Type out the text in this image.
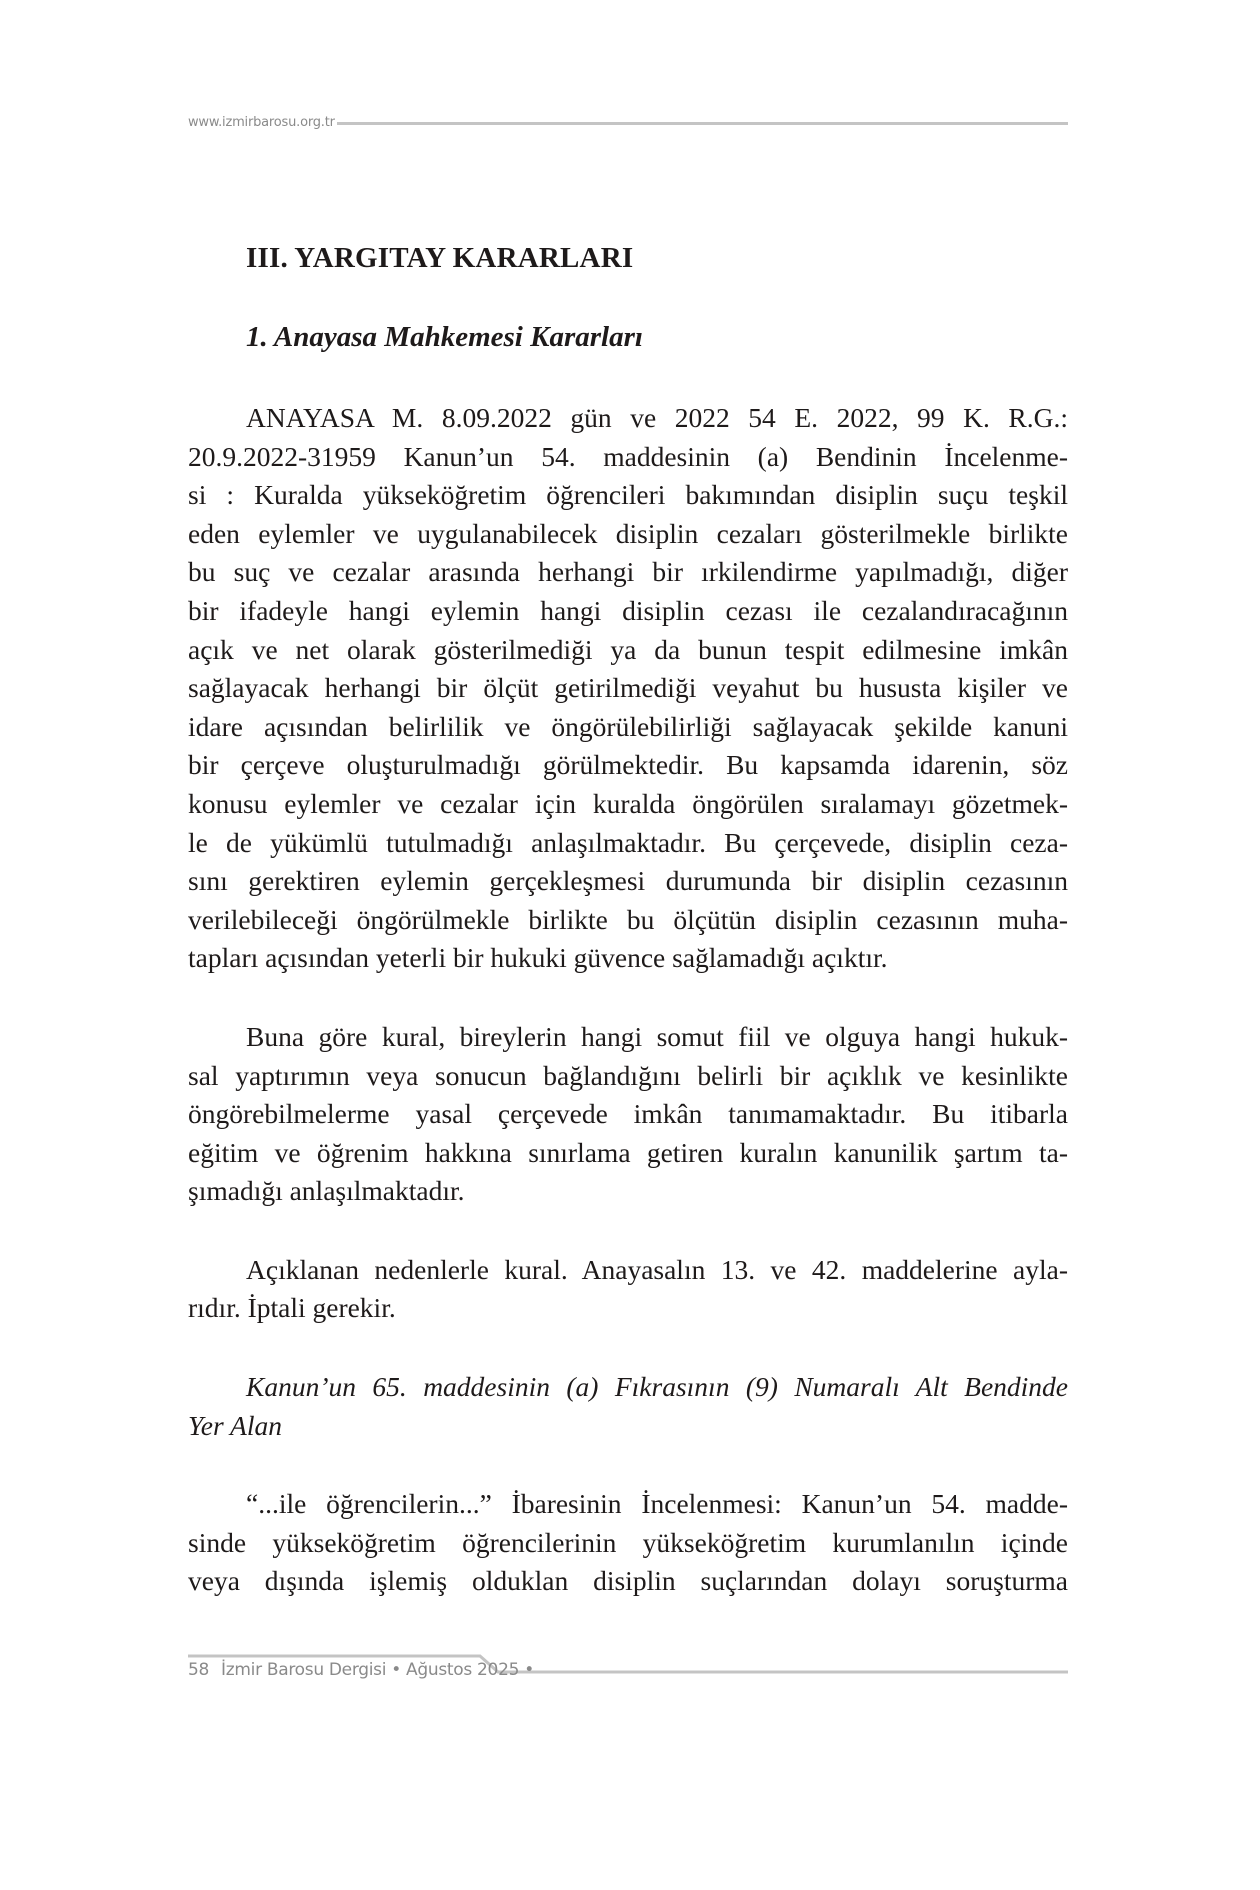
www.izmirbarosu.org.tr
III. YARGITAY KARARLARI
1. Anayasa Mahkemesi Kararları
ANAYASA M. 8.09.2022 gün ve 2022 54 E. 2022, 99 K. R.G.:
20.9.2022-31959 Kanun’un 54. maddesinin (a) Bendinin İncelenme-
si : Kuralda yükseköğretim öğrencileri bakımından disiplin suçu teşkil
eden eylemler ve uygulanabilecek disiplin cezaları gösterilmekle birlikte
bu suç ve cezalar arasında herhangi bir ırkilendirme yapılmadığı, diğer
bir ifadeyle hangi eylemin hangi disiplin cezası ile cezalandıracağının
açık ve net olarak gösterilmediği ya da bunun tespit edilmesine imkân
sağlayacak herhangi bir ölçüt getirilmediği veyahut bu hususta kişiler ve
idare açısından belirlilik ve öngörülebilirliği sağlayacak şekilde kanuni
bir çerçeve oluşturulmadığı görülmektedir. Bu kapsamda idarenin, söz
konusu eylemler ve cezalar için kuralda öngörülen sıralamayı gözetmek-
le de yükümlü tutulmadığı anlaşılmaktadır. Bu çerçevede, disiplin ceza-
sını gerektiren eylemin gerçekleşmesi durumunda bir disiplin cezasının
verilebileceği öngörülmekle birlikte bu ölçütün disiplin cezasının muha-
tapları açısından yeterli bir hukuki güvence sağlamadığı açıktır.
Buna göre kural, bireylerin hangi somut fiil ve olguya hangi hukuk-
sal yaptırımın veya sonucun bağlandığını belirli bir açıklık ve kesinlikte
öngörebilmelerme yasal çerçevede imkân tanımamaktadır. Bu itibarla
eğitim ve öğrenim hakkına sınırlama getiren kuralın kanunilik şartım ta-
şımadığı anlaşılmaktadır.
Açıklanan nedenlerle kural. Anayasalın 13. ve 42. maddelerine ayla-
rıdır. İptali gerekir.
Kanun’un 65. maddesinin (a) Fıkrasının (9) Numaralı Alt Bendinde
Yer Alan
“...ile öğrencilerin...” İbaresinin İncelenmesi: Kanun’un 54. madde-
sinde yükseköğretim öğrencilerinin yükseköğretim kurumlanılın içinde
veya dışında işlemiş olduklan disiplin suçlarından dolayı soruşturma
58 İzmir Barosu Dergisi • Ağustos 2025 •
